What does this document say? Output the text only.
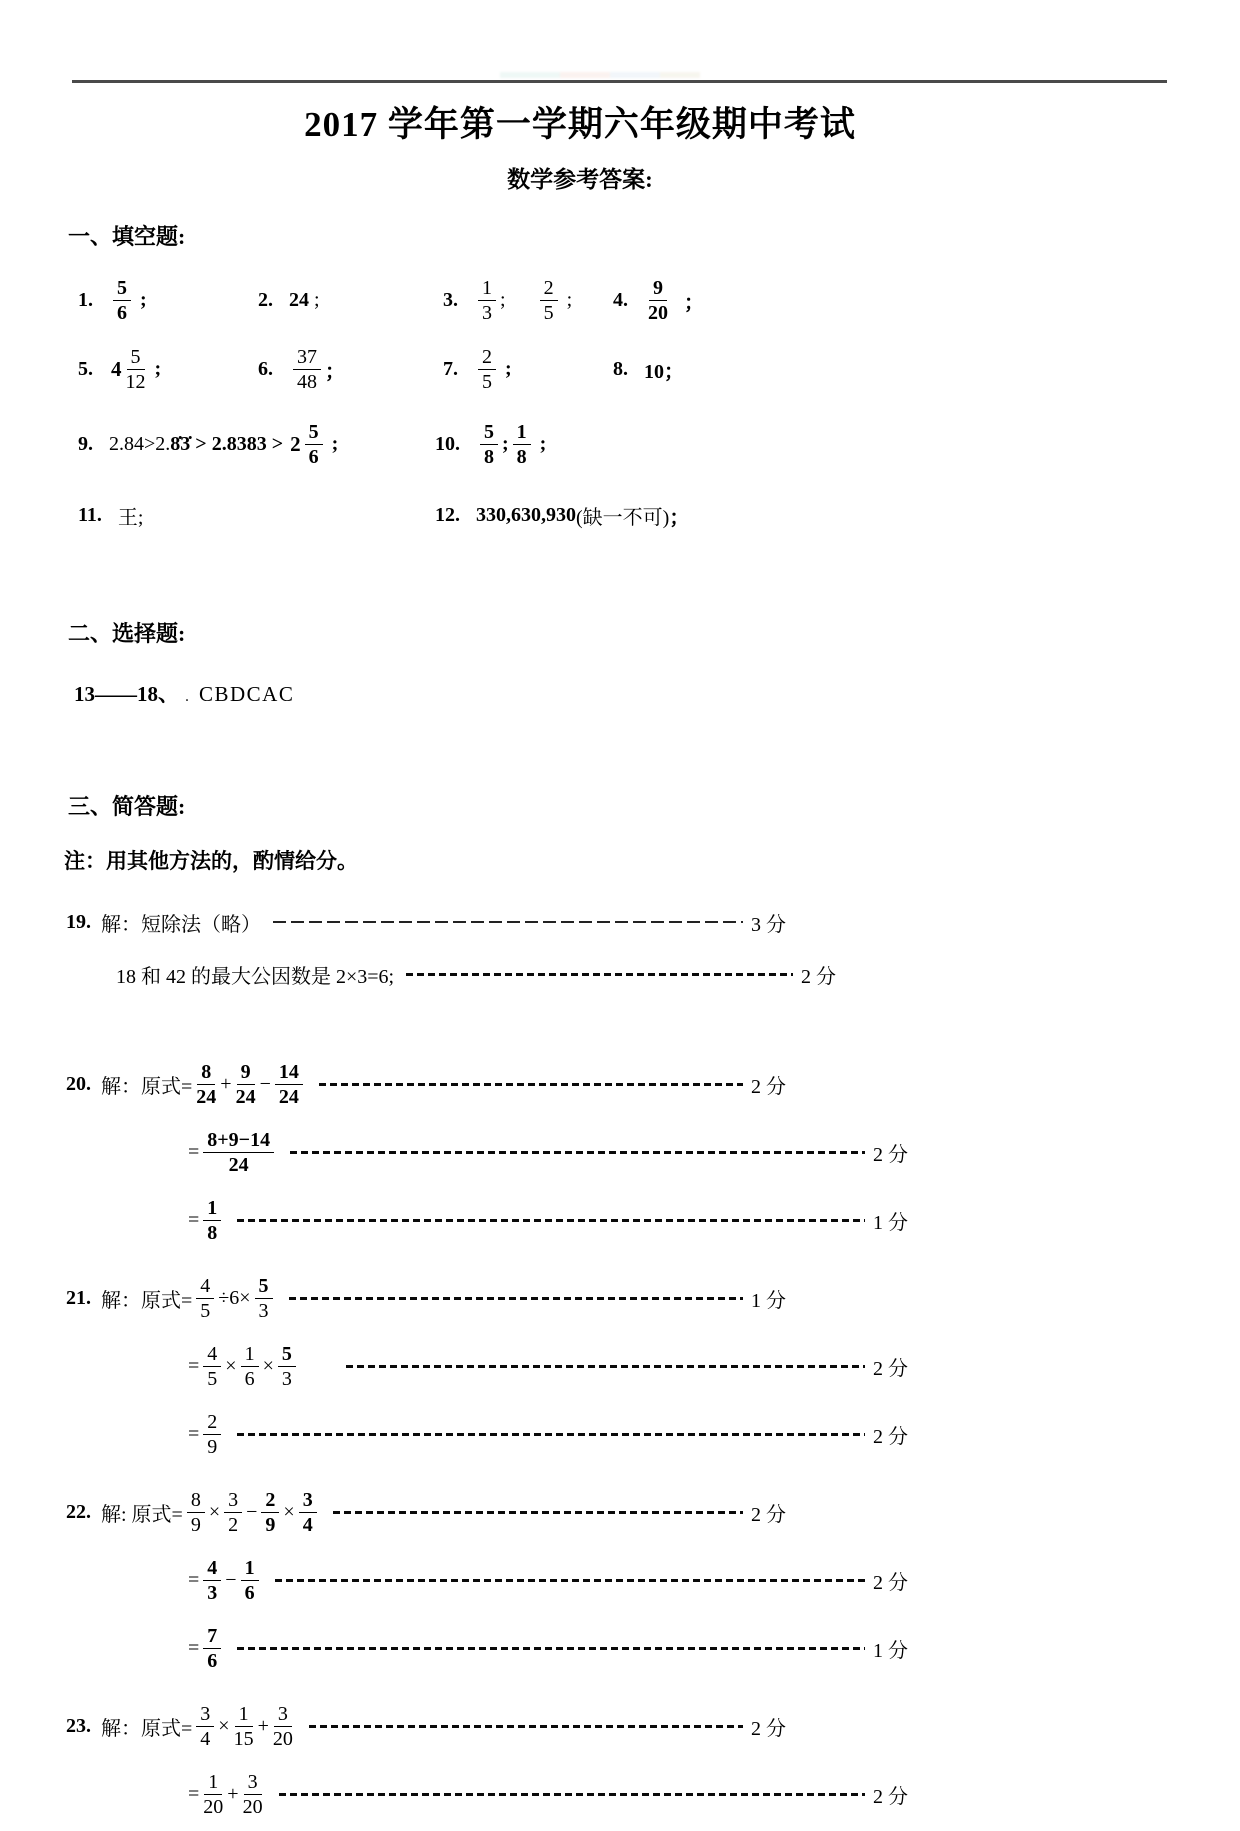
2017 学年第一学期六年级期中考试
数学参考答案:
一、填空题:
1. $\frac{5}{6}$ ;	2. 24 ;	3. $\frac{1}{3}$ ; $\frac{2}{5}$ ; 4. $\frac{9}{20}$ ；
5. $4 \frac{5}{12}$ ;	6. $\frac{37}{48}$ ；	7. $\frac{2}{5}$ ;	8. 10；
9. 2.84>2. 8̇3̇ > $2.8383 > 2 \frac{5}{6}$ ;	10. $\frac{5}{8}$ ; $\frac{1}{8}$ ;
11. 王;	12. 330,630,930 (缺一不可) ；
二、选择题:
13——18、 . CBDCAC
三、简答题:
注：用其他方法的，酌情给分。
19. 解：短除法（略）	3 分
18 和 42 的最大公因数是 2×3=6;	2 分
20. 解：原式= $\frac{8}{24} + \frac{9}{24} - \frac{14}{24}$	2 分
= $\frac{8+9-14}{24}$	2 分
= $\frac{1}{8}$	1 分
21. 解：原式= $\frac{4}{5} \div 6\times \frac{5}{3}$	1 分
= $\frac{4}{5} \times \frac{1}{6} \times \frac{5}{3}$	2 分
= $\frac{2}{9}$	2 分
22. 解: 原式= $\frac{8}{9} \times \frac{3}{2} - \frac{2}{9} \times \frac{3}{4}$	2 分
= $\frac{4}{3} - \frac{1}{6}$	2 分
= $\frac{7}{6}$	1 分
23. 解：原式= $\frac{3}{4} \times \frac{1}{15} + \frac{3}{20}$	2 分
= $\frac{1}{20} + \frac{3}{20}$	2 分
